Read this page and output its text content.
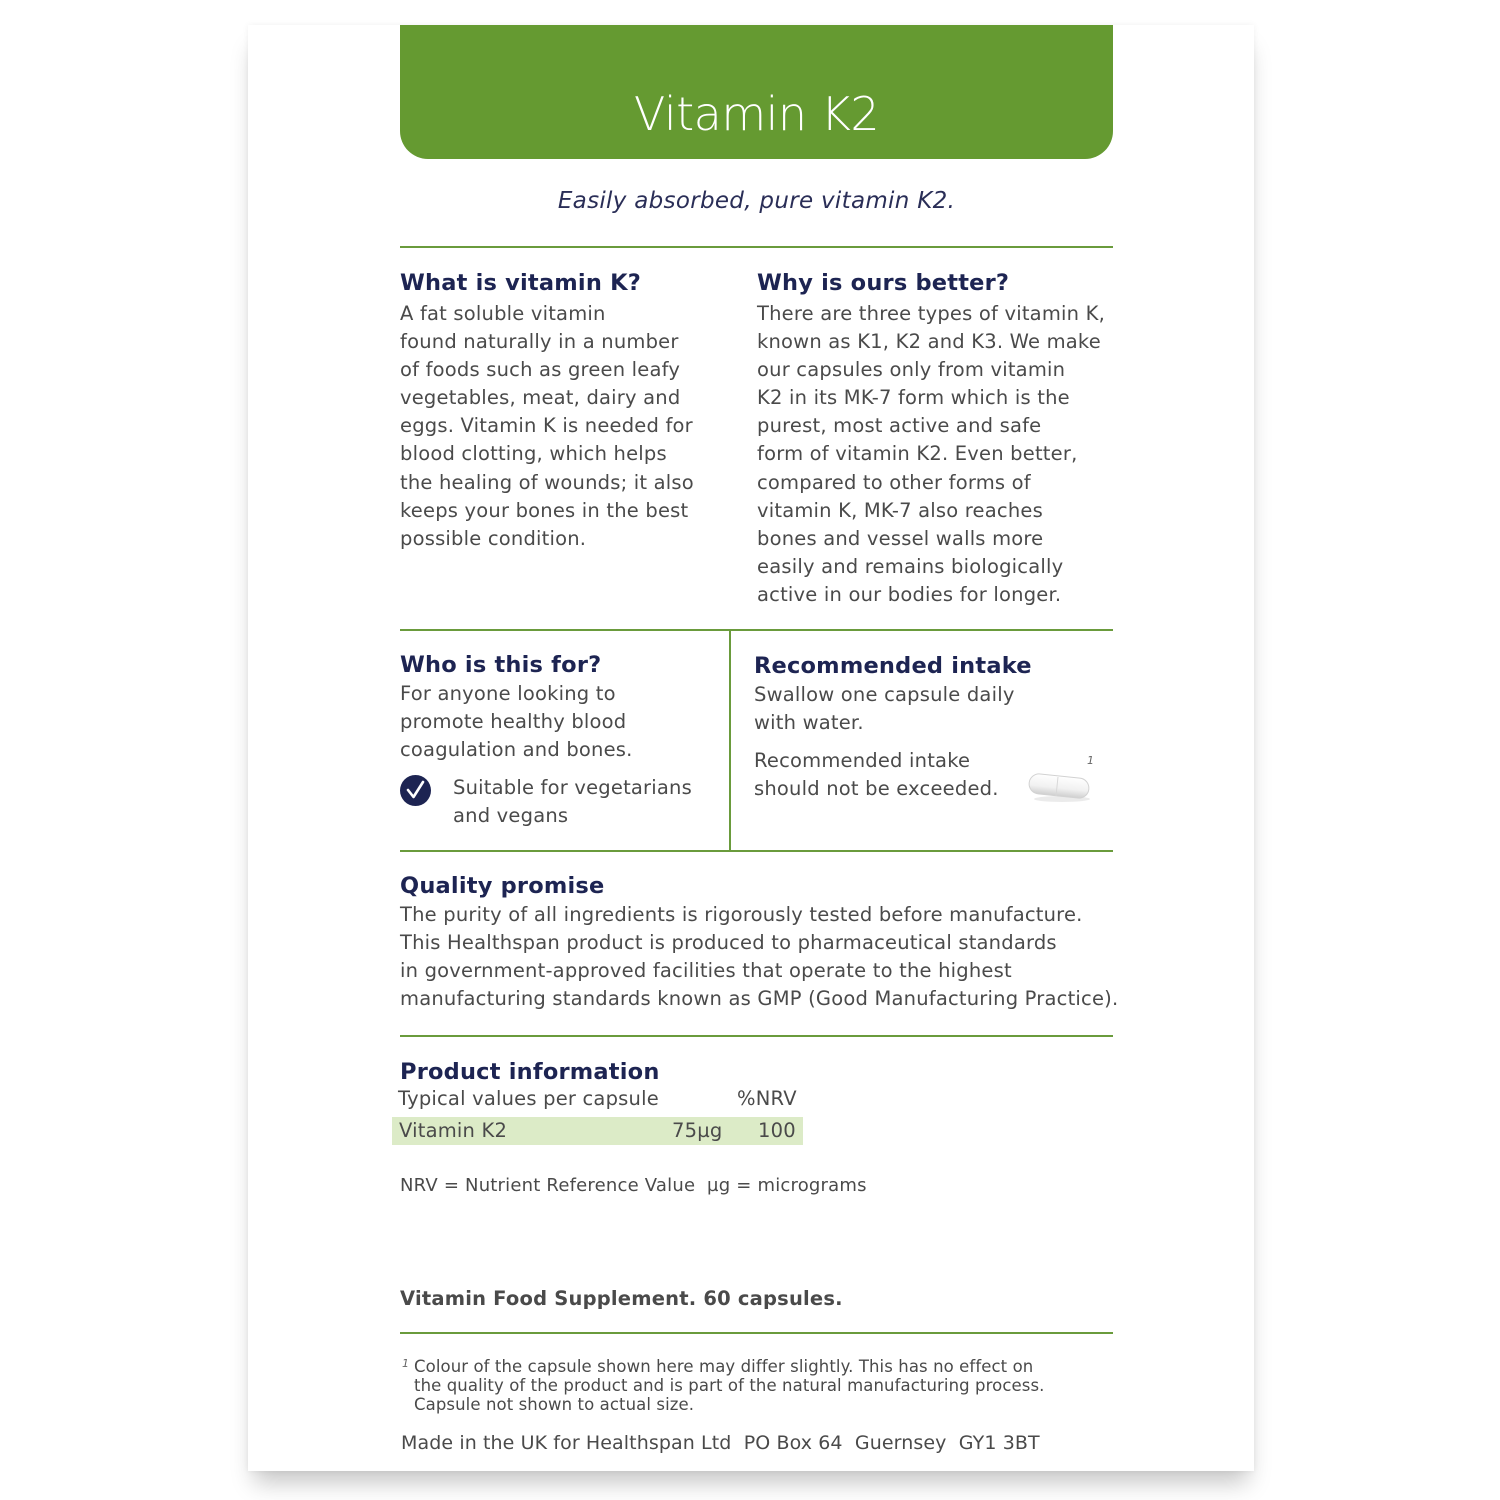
Vitamin K2
Easily absorbed, pure vitamin K2.
What is vitamin K?
A fat soluble vitamin
found naturally in a number
of foods such as green leafy
vegetables, meat, dairy and
eggs. Vitamin K is needed for
blood clotting, which helps
the healing of wounds; it also
keeps your bones in the best
possible condition.
Why is ours better?
There are three types of vitamin K,
known as K1, K2 and K3. We make
our capsules only from vitamin
K2 in its MK-7 form which is the
purest, most active and safe
form of vitamin K2. Even better,
compared to other forms of
vitamin K, MK-7 also reaches
bones and vessel walls more
easily and remains biologically
active in our bodies for longer.
Who is this for?
For anyone looking to
promote healthy blood
coagulation and bones.
Suitable for vegetarians
and vegans
Recommended intake
Swallow one capsule daily
with water.
Recommended intake
should not be exceeded.
1
Quality promise
The purity of all ingredients is rigorously tested before manufacture.
This Healthspan product is produced to pharmaceutical standards
in government-approved facilities that operate to the highest
manufacturing standards known as GMP (Good Manufacturing Practice).
Product information
Typical values per capsule	%NRV
Vitamin K2	75µg 100
NRV = Nutrient Reference Value  µg = micrograms
Vitamin Food Supplement. 60 capsules.
1 Colour of the capsule shown here may differ slightly. This has no effect on
the quality of the product and is part of the natural manufacturing process.
Capsule not shown to actual size.
Made in the UK for Healthspan Ltd  PO Box 64  Guernsey  GY1 3BT
